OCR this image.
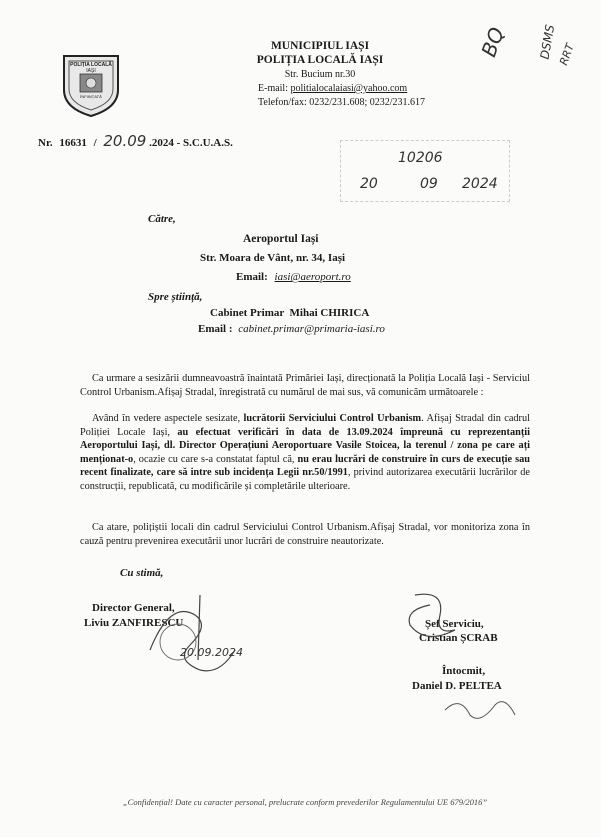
POLIȚIA LOCALĂ
IAȘI
ÎNFIINȚATĂ
MUNICIPIUL IAȘI
POLIȚIA LOCALĂ IAȘI
Str. Bucium nr.30
E-mail: politialocalaiasi@yahoo.com
Telefon/fax: 0232/231.608; 0232/231.617
BQ DSMS RRT
Nr. 16631 / 20.09 .2024 - S.C.U.A.S.
10206
20	09 2024
Către,
Aeroportul Iași
Str. Moara de Vânt, nr. 34, Iași
Email: iasi@aeroport.ro
Spre știință,
Cabinet Primar  Mihai CHIRICA
Email : cabinet.primar@primaria-iasi.ro
Ca urmare a sesizării dumneavoastră înaintată Primăriei Iași, direcționată la Poliția Locală Iași - Serviciul Control Urbanism.Afișaj Stradal, înregistrată cu numărul de mai sus, vă comunicăm următoarele :
Având în vedere aspectele sesizate, lucrătorii Serviciului Control Urbanism. Afișaj Stradal din cadrul Poliției Locale Iași, au efectuat verificări în data de 13.09.2024 împreună cu reprezentanții Aeroportului Iași, dl. Director Operațiuni Aeroportuare Vasile Stoicea, la terenul / zona pe care ați menționat-o, ocazie cu care s-a constatat faptul că, nu erau lucrări de construire în curs de execuție sau recent finalizate, care să intre sub incidența Legii nr.50/1991, privind autorizarea executării lucrărilor de construcții, republicată, cu modificările și completările ulterioare.
Ca atare, polițiștii locali din cadrul Serviciului Control Urbanism.Afișaj Stradal, vor monitoriza zona în cauză pentru prevenirea executării unor lucrări de construire neautorizate.
Cu stimă,
Director General,
Liviu ZANFIRESCU
20.09.2024
Șef Serviciu,
Cristian ȘCRAB
Întocmit,
Daniel D. PELTEA
„Confidențial! Date cu caracter personal, prelucrate conform prevederilor Regulamentului UE 679/2016”
